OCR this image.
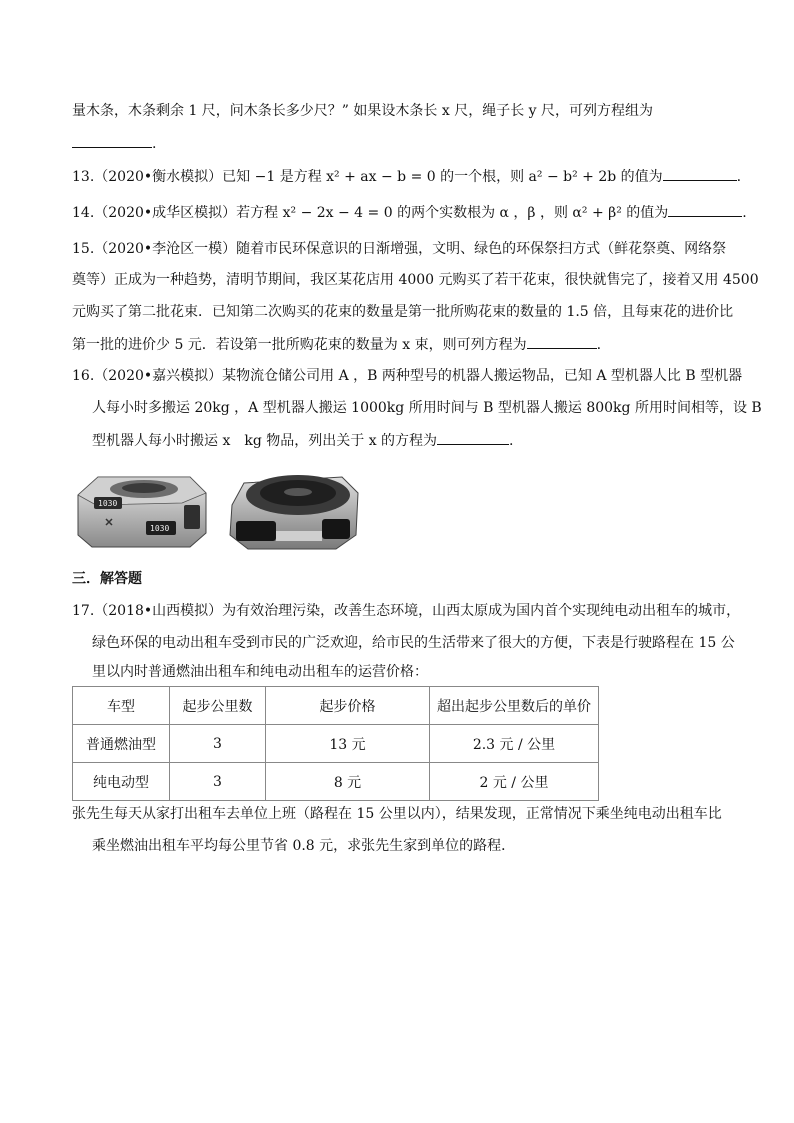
量木条，木条剩余 1 尺，问木条长多少尺？” 如果设木条长 x 尺，绳子长 y 尺，可列方程组为
.
13.（2020•衡水模拟）已知 −1 是方程 x² + ax − b = 0 的一个根，则 a² − b² + 2b 的值为	.
14.（2020•成华区模拟）若方程 x² − 2x − 4 = 0 的两个实数根为 α ，β ，则 α² + β² 的值为	.
15.（2020•李沧区一模）随着市民环保意识的日渐增强，文明、绿色的环保祭扫方式（鲜花祭奠、网络祭
奠等）正成为一种趋势，清明节期间，我区某花店用 4000 元购买了若干花束，很快就售完了，接着又用 4500
元购买了第二批花束．已知第二次购买的花束的数量是第一批所购花束的数量的 1.5 倍，且每束花的进价比
第一批的进价少 5 元．若设第一批所购花束的数量为 x 束，则可列方程为	.
16.（2020•嘉兴模拟）某物流仓储公司用 A ，B 两种型号的机器人搬运物品，已知 A 型机器人比 B 型机器
人每小时多搬运 20kg ，A 型机器人搬运 1000kg 所用时间与 B 型机器人搬运 800kg 所用时间相等，设 B
型机器人每小时搬运 x　kg 物品，列出关于 x 的方程为	.
1030
1030
三．解答题
17.（2018•山西模拟）为有效治理污染，改善生态环境，山西太原成为国内首个实现纯电动出租车的城市，
绿色环保的电动出租车受到市民的广泛欢迎，给市民的生活带来了很大的方便，下表是行驶路程在 15 公
里以内时普通燃油出租车和纯电动出租车的运营价格：
车型	起步公里数	起步价格	超出起步公里数后的单价
普通燃油型	3	13 元	2.3 元 / 公里
纯电动型	3	8 元	2 元 / 公里
张先生每天从家打出租车去单位上班（路程在 15 公里以内），结果发现，正常情况下乘坐纯电动出租车比
乘坐燃油出租车平均每公里节省 0.8 元，求张先生家到单位的路程．
